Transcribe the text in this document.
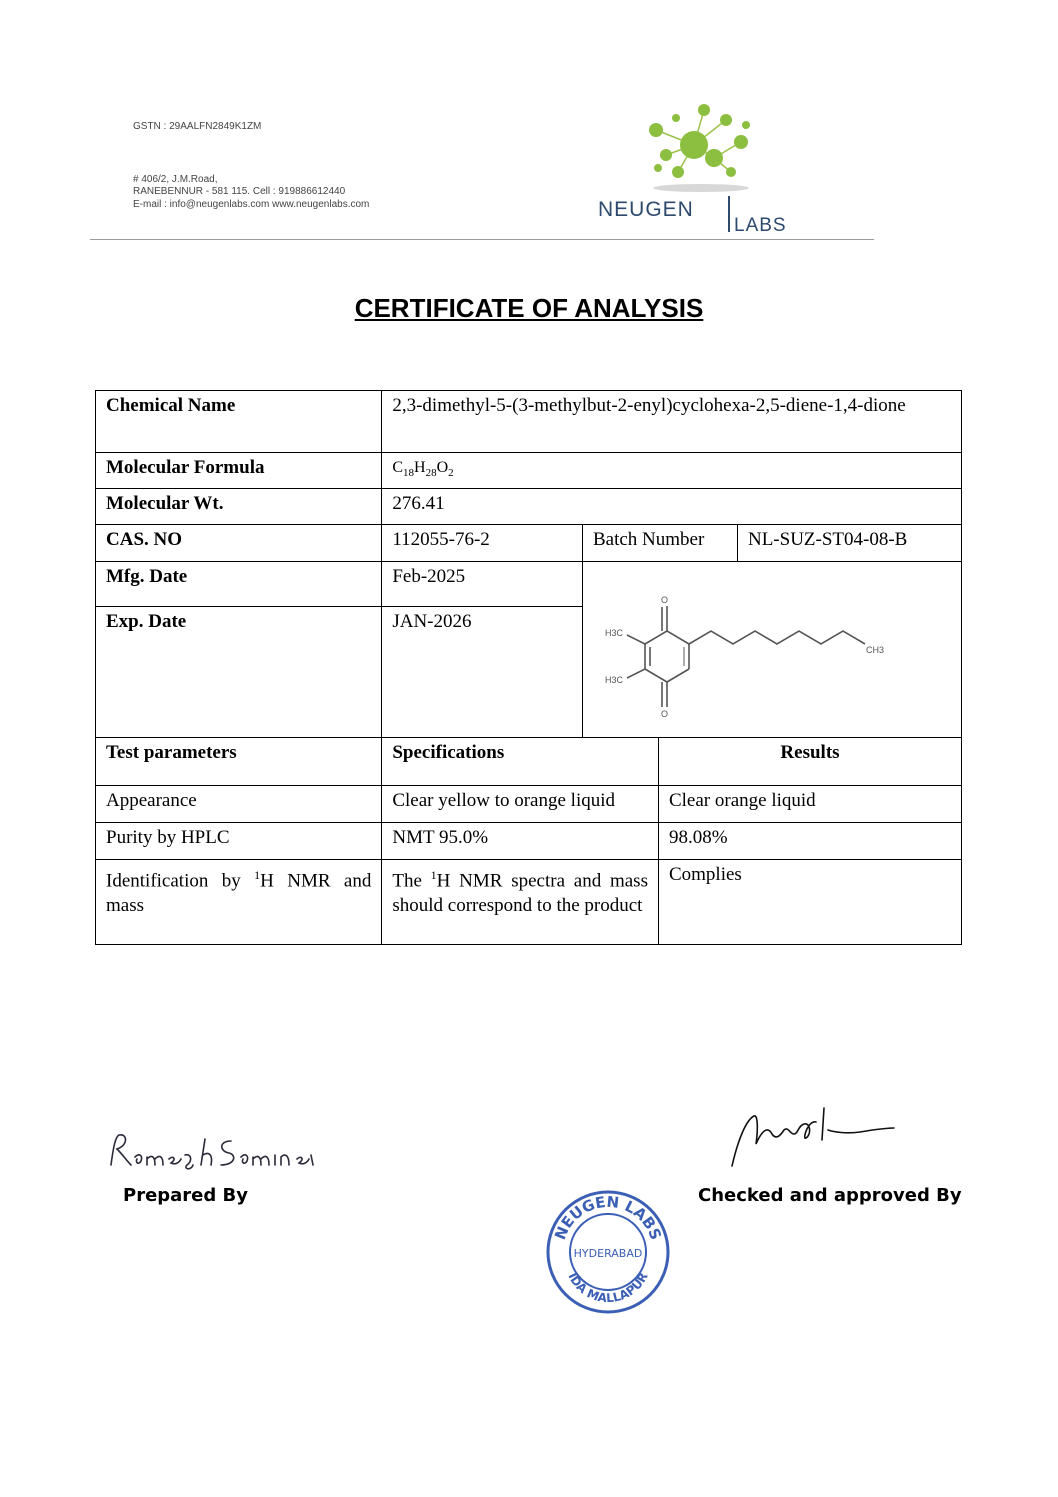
GSTN : 29AALFN2849K1ZM
# 406/2, J.M.Road,
RANEBENNUR - 581 115. Cell : 919886612440
E-mail : info@neugenlabs.com www.neugenlabs.com	NEUGEN
LABS
CERTIFICATE OF ANALYSIS
Chemical Name	2,3-dimethyl-5-(3-methylbut-2-enyl)cyclohexa-2,5-diene-1,4-dione			
Molecular Formula	$C_{18}H_{28}O_2$
Molecular Wt.	276.41			
CAS. NO	112055-76-2	Batch Number		NL-SUZ-ST04-08-B
Mfg. Date	Feb-2025	O
O
H3C
H3C
CH3		

Exp. Date	JAN-2026			
Test parameters	Specifications		Results	
Appearance	Clear yellow to orange liquid		Clear orange liquid	
Purity by HPLC	NMT 95.0%		98.08%	
Identification by $^1$H NMR and mass	The $^1$H NMR spectra and mass should correspond to the product		Complies	
Prepared By	Checked and approved By
NEUGEN LABS
IDA MALLAPUR
HYDERABAD
